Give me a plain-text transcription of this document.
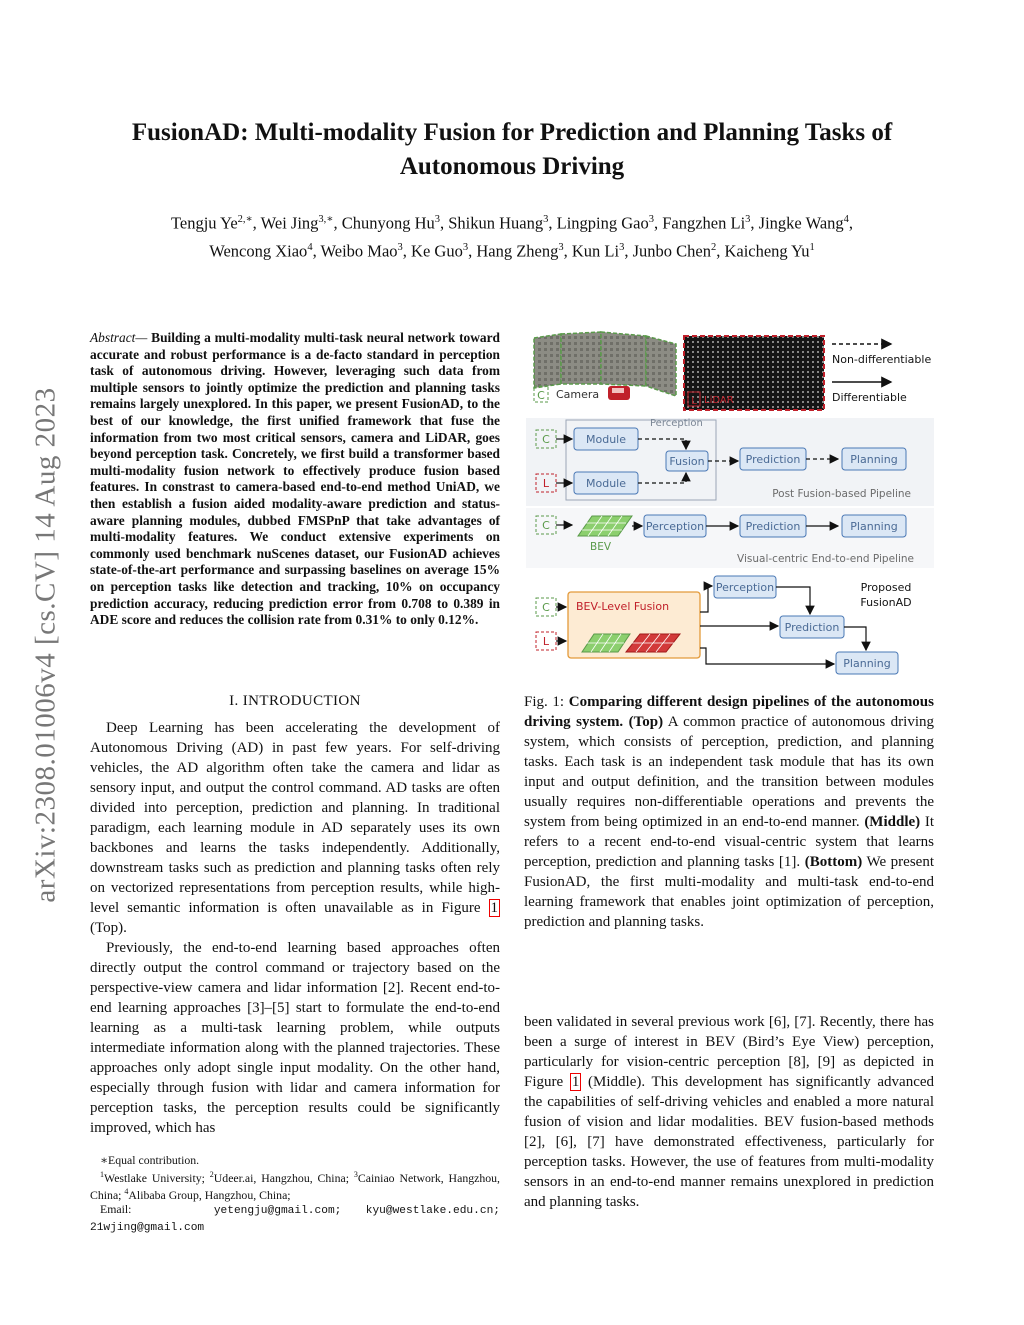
FusionAD: Multi-modality Fusion for Prediction and Planning Tasks of
Autonomous Driving
Tengju $Ye^{2,∗}$, Wei Jing$^{3,∗}$, Chunyong Hu$^3$, Shikun Huang$^3$, Lingping Gao$^3$, Fangzhen Li$^3$, Jingke Wang$^4$,
Wencong Xiao$^4$, Weibo Mao$^3$, Ke Guo$^3$, Hang Zheng$^3$, Kun Li$^3$, Junbo Chen$^2$, Kaicheng Yu$^1$
arXiv:2308.01006v4 [cs.CV] 14 Aug 2023
Abstract— Building a multi-modality multi-task neural network toward accurate and robust performance is a de-facto standard in perception task of autonomous driving. However, leveraging such data from multiple sensors to jointly optimize the prediction and planning tasks remains largely unexplored. In this paper, we present FusionAD, to the best of our knowledge, the first unified framework that fuse the information from two most critical sensors, camera and LiDAR, goes beyond perception task. Concretely, we first build a transformer based multi-modality fusion network to effectively produce fusion based features. In constrast to camera-based end-to-end method UniAD, we then establish a fusion aided modality-aware prediction and status-aware planning modules, dubbed FMSPnP that take advantages of multi-modality features. We conduct extensive experiments on commonly used benchmark nuScenes dataset, our FusionAD achieves state-of-the-art performance and surpassing baselines on average 15% on perception tasks like detection and tracking, 10% on occupancy prediction accuracy, reducing prediction error from 0.708 to 0.389 in ADE score and reduces the collision rate from 0.31% to only 0.12%.
I. INTRODUCTION

Deep Learning has been accelerating the development of Autonomous Driving (AD) in past few years. For self-driving vehicles, the AD algorithm often take the camera and lidar as sensory input, and output the control command. AD tasks are often divided into perception, prediction and planning. In traditional paradigm, each learning module in AD separately uses its own backbones and learns the tasks independently. Additionally, downstream tasks such as prediction and planning tasks often rely on vectorized representations from perception results, while high-level semantic information is often unavailable as in Figure 1 (Top).

Previously, the end-to-end learning based approaches often directly output the control command or trajectory based on the perspective-view camera and lidar information [2]. Recent end-to-end learning approaches [3]–[5] start to formulate the end-to-end learning as a multi-task learning problem, while outputs intermediate information along with the planned trajectories. These approaches only adopt single input modality. On the other hand, especially through fusion with lidar and camera information for perception tasks, the perception results could be significantly improved, which has

∗Equal contribution.

$^1$Westlake University; $^2$Udeer.ai, Hangzhou, China; $^3$Cainiao Network, Hangzhou, China; $^4$Alibaba Group, Hangzhou, China;

Email:	yetengju@gmail.com; kyu@westlake.edu.cn; 21wjing@gmail.com

C Camera
L LiDAR
Non-differentiable
Differentiable
Perception
C
L
Module
Module
Fusion	Prediction	Planning
Post Fusion-based Pipeline
C
BEV
Perception	Prediction	Planning
Visual-centric End-to-end Pipeline
C
L
BEV-Level Fusion
Perception
Prediction
Planning
Proposed
FusionAD
Fig. 1: Comparing different design pipelines of the autonomous driving system. (Top) A common practice of autonomous driving system, which consists of perception, prediction, and planning tasks. Each task is an independent task module that has its own input and output definition, and the transition between modules usually requires non-differentiable operations and prevents the system from being optimized in an end-to-end manner. (Middle) It refers to a recent end-to-end visual-centric system that learns perception, prediction and planning tasks [1]. (Bottom) We present FusionAD, the first multi-modality and multi-task end-to-end learning framework that enables joint optimization of perception, prediction and planning tasks.

been validated in several previous work [6], [7]. Recently, there has been a surge of interest in BEV (Bird’s Eye View) perception, particularly for vision-centric perception [8], [9] as depicted in Figure 1 (Middle). This development has significantly advanced the capabilities of self-driving vehicles and enabled a more natural fusion of vision and lidar modalities. BEV fusion-based methods [2], [6], [7] have demonstrated effectiveness, particularly for perception tasks. However, the use of features from multi-modality sensors in an end-to-end manner remains unexplored in prediction and planning tasks.
